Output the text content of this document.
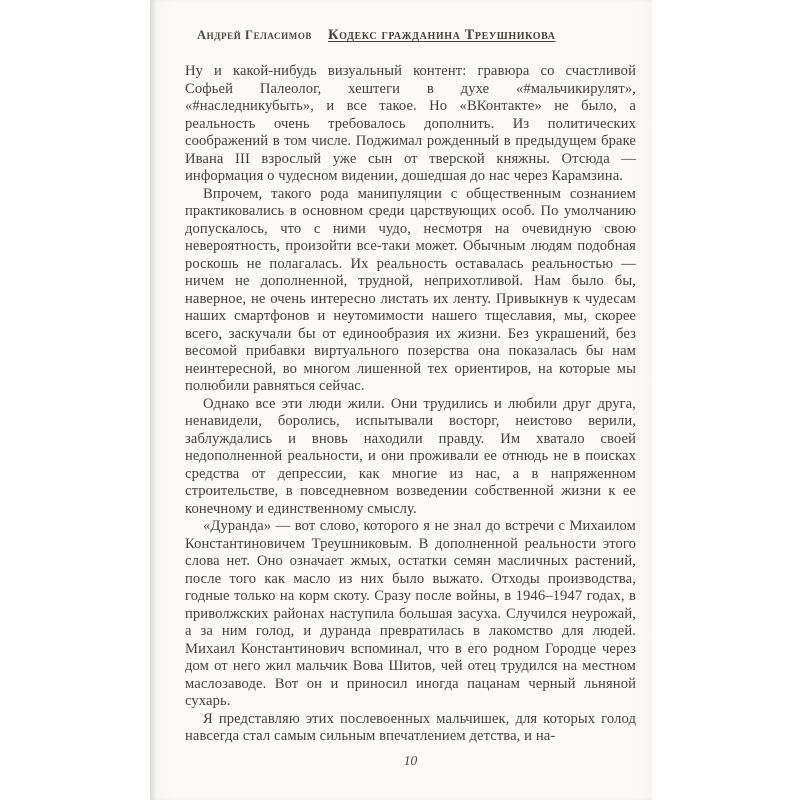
Андрей Геласимов Кодекс гражданина Треушникова

Ну и какой-нибудь визуальный контент: гравюра со счастливой Софьей Палеолог, хештеги в духе «#мальчикирулят», «#наследникубыть», и все такое. Но «ВКонтакте» не было, а реальность очень требовалось дополнить. Из политических соображений в том числе. Поджимал рожденный в предыдущем браке Ивана III взрослый уже сын от тверской княжны. Отсюда — информация о чудесном видении, дошедшая до нас через Карамзина.

Впрочем, такого рода манипуляции с общественным сознанием практиковались в основном среди царствующих особ. По умолчанию допускалось, что с ними чудо, несмотря на очевидную свою невероятность, произойти все-таки может. Обычным людям подобная роскошь не полагалась. Их реальность оставалась реальностью — ничем не дополненной, трудной, неприхотливой. Нам было бы, наверное, не очень интересно листать их ленту. Привыкнув к чудесам наших смартфонов и неутомимости нашего тщеславия, мы, скорее всего, заскучали бы от единообразия их жизни. Без украшений, без весомой прибавки виртуального позерства она показалась бы нам неинтересной, во многом лишенной тех ориентиров, на которые мы полюбили равняться сейчас.

Однако все эти люди жили. Они трудились и любили друг друга, ненавидели, боролись, испытывали восторг, неистово верили, заблуждались и вновь находили правду. Им хватало своей недополненной реальности, и они проживали ее отнюдь не в поисках средства от депрессии, как многие из нас, а в напряженном строительстве, в повседневном возведении собственной жизни к ее конечному и единственному смыслу.

«Дуранда» — вот слово, которого я не знал до встречи с Михаилом Константиновичем Треушниковым. В дополненной реальности этого слова нет. Оно означает жмых, остатки семян масличных растений, после того как масло из них было выжато. Отходы производства, годные только на корм скоту. Сразу после войны, в 1946–1947 годах, в приволжских районах наступила большая засуха. Случился неурожай, а за ним голод, и дуранда превратилась в лакомство для людей. Михаил Константинович вспоминал, что в его родном Городце через дом от него жил мальчик Вова Шитов, чей отец трудился на местном маслозаводе. Вот он и приносил иногда пацанам черный льняной сухарь.

Я представляю этих послевоенных мальчишек, для которых голод навсегда стал самым сильным впечатлением детства, и на-

10
